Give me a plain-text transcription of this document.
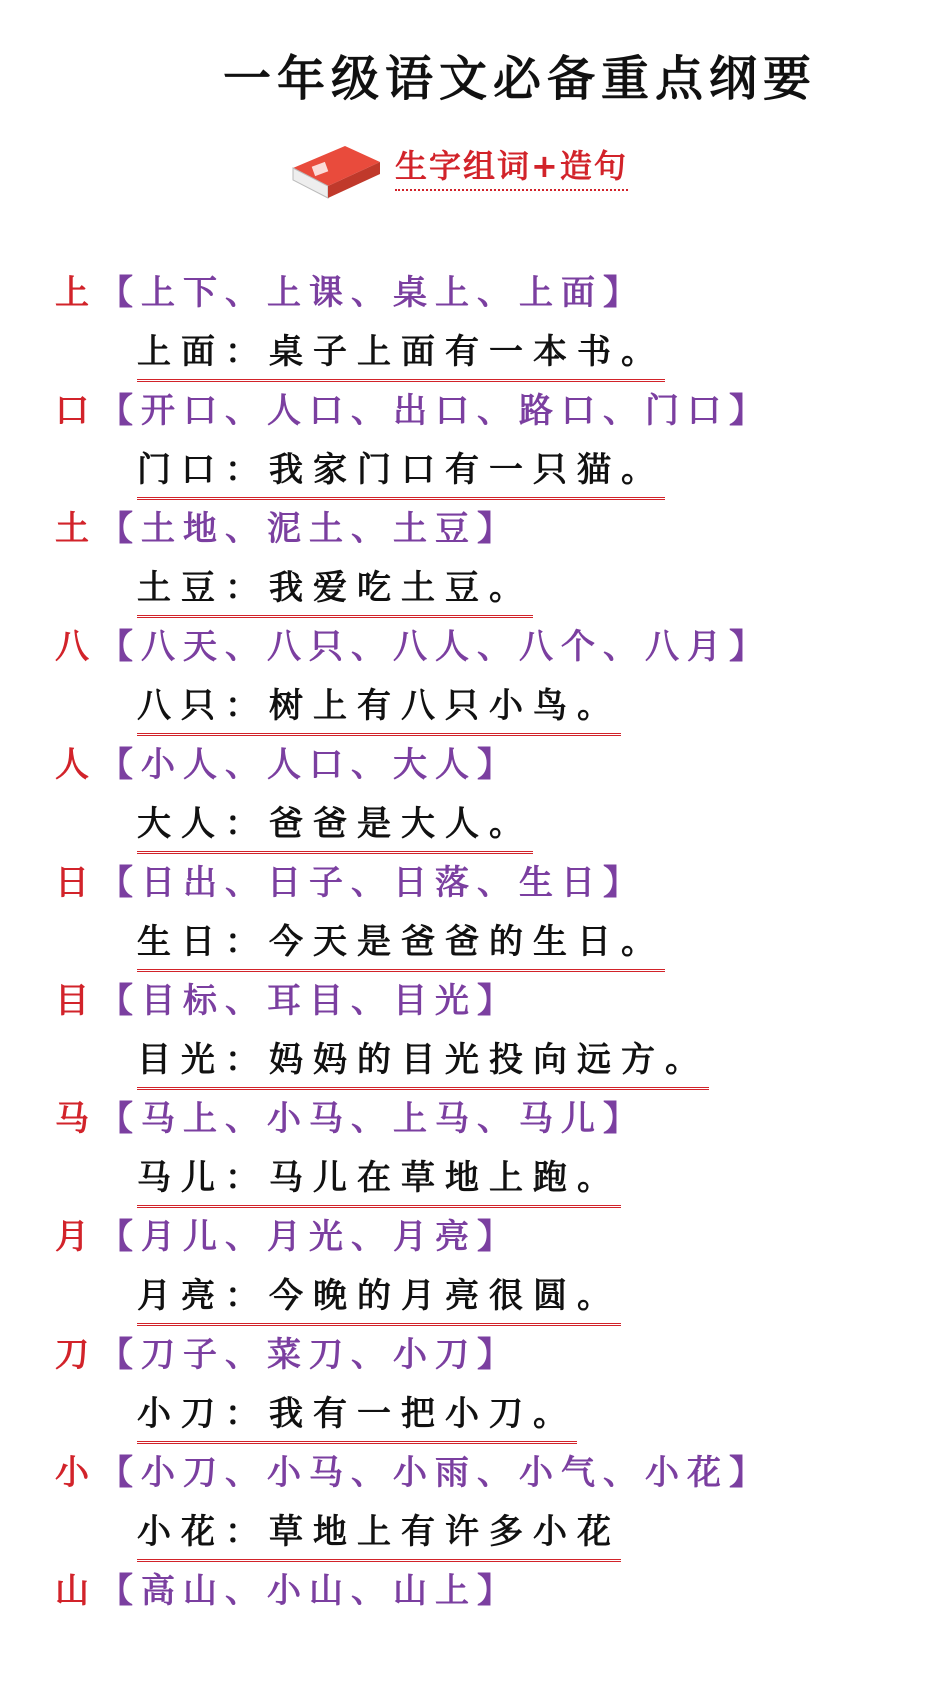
一年级语文必备重点纲要
生字组词+造句
上 【上下、上课、桌上、上面】
上面：桌子上面有一本书。
口 【开口、人口、出口、路口、门口】
门口：我家门口有一只猫。
土 【土地、泥土、土豆】
土豆：我爱吃土豆。
八 【八天、八只、八人、八个、八月】
八只：树上有八只小鸟。
人 【小人、人口、大人】
大人：爸爸是大人。
日 【日出、日子、日落、生日】
生日：今天是爸爸的生日。
目 【目标、耳目、目光】
目光：妈妈的目光投向远方。
马 【马上、小马、上马、马儿】
马儿：马儿在草地上跑。
月 【月儿、月光、月亮】
月亮：今晚的月亮很圆。
刀 【刀子、菜刀、小刀】
小刀：我有一把小刀。
小 【小刀、小马、小雨、小气、小花】
小花：草地上有许多小花
山 【高山、小山、山上】
